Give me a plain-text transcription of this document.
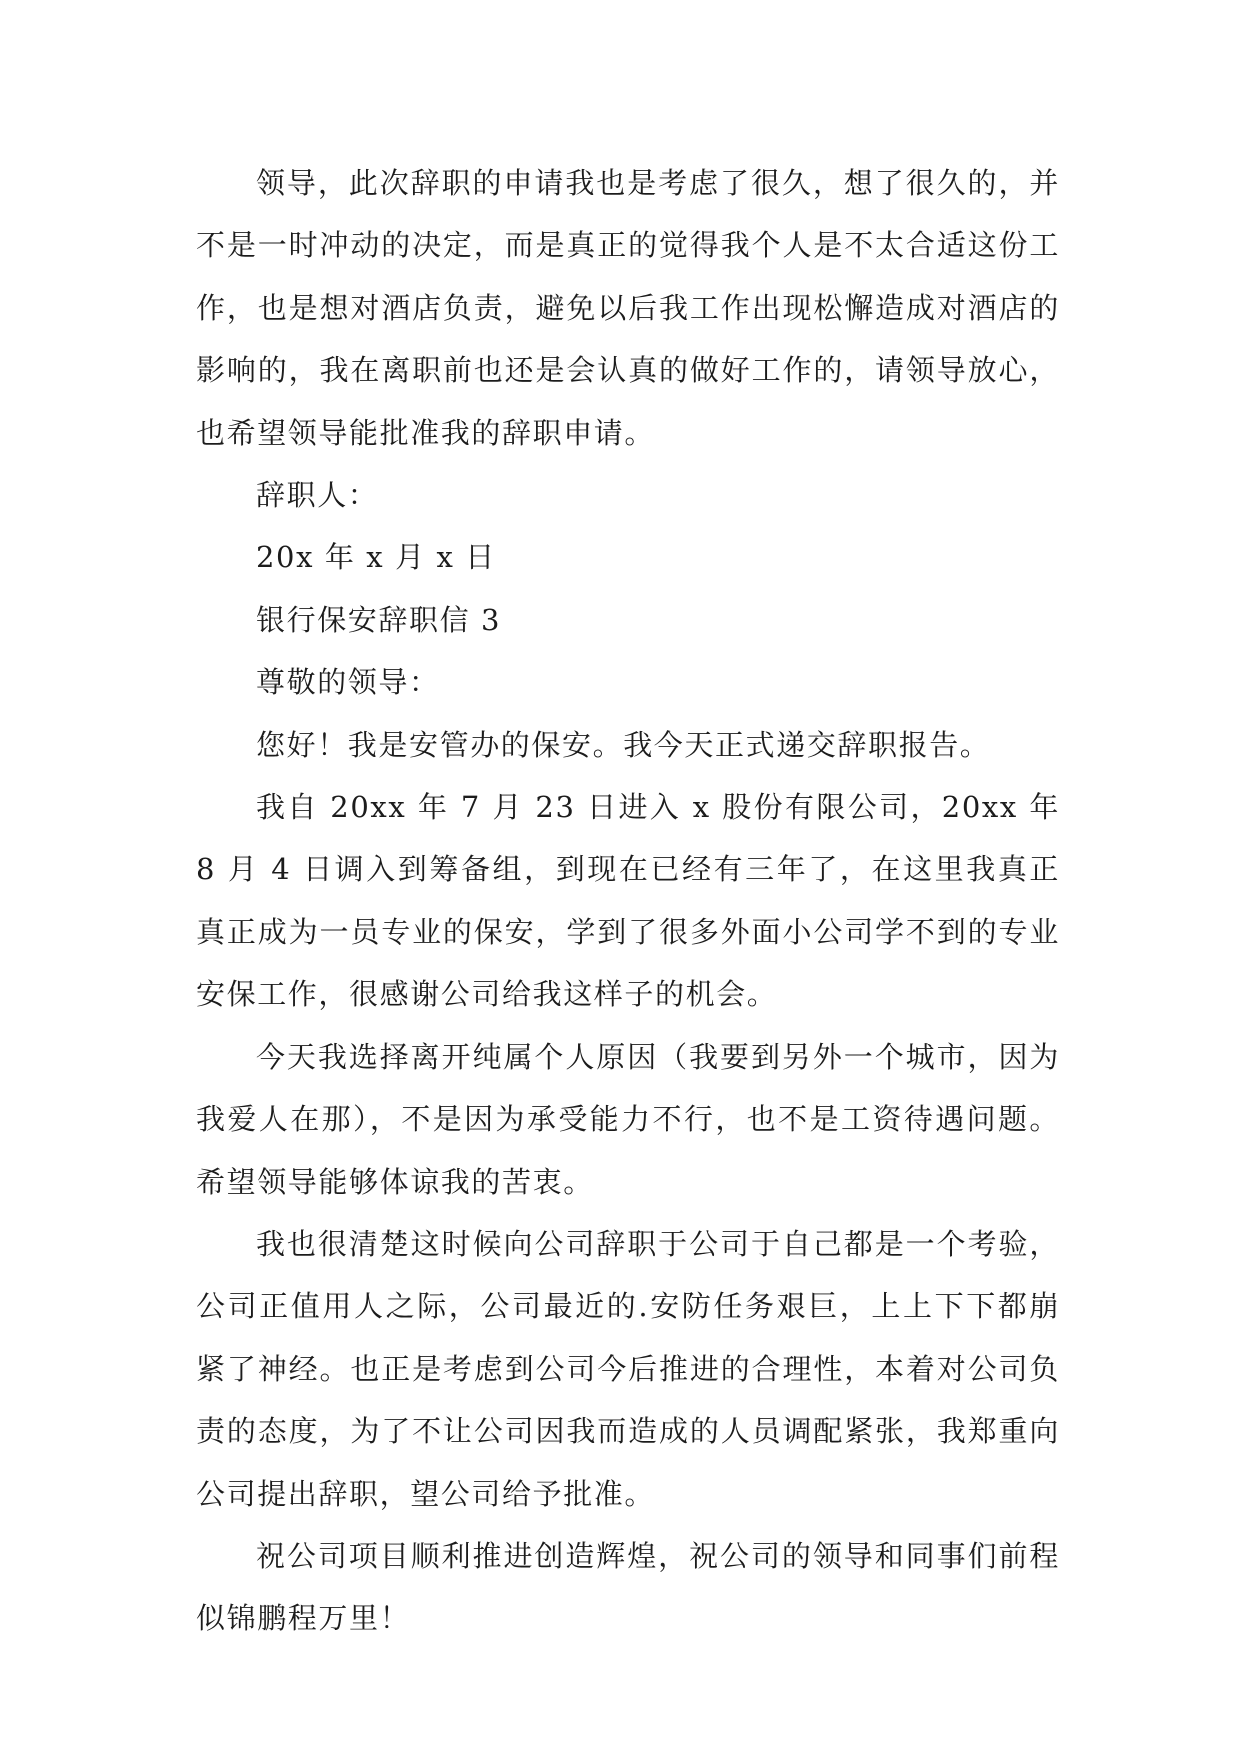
领导，此次辞职的申请我也是考虑了很久，想了很久的，并不是一时冲动的决定，而是真正的觉得我个人是不太合适这份工作，也是想对酒店负责，避免以后我工作出现松懈造成对酒店的影响的，我在离职前也还是会认真的做好工作的，请领导放心，也希望领导能批准我的辞职申请。

辞职人：

20x 年 x 月 x 日

银行保安辞职信 3

尊敬的领导：

您好！我是安管办的保安。我今天正式递交辞职报告。

我自 20xx 年 7 月 23 日进入 x 股份有限公司，20xx 年 8 月 4 日调入到筹备组，到现在已经有三年了，在这里我真正真正成为一员专业的保安，学到了很多外面小公司学不到的专业安保工作，很感谢公司给我这样子的机会。

今天我选择离开纯属个人原因（我要到另外一个城市，因为我爱人在那），不是因为承受能力不行，也不是工资待遇问题。希望领导能够体谅我的苦衷。

我也很清楚这时候向公司辞职于公司于自己都是一个考验，公司正值用人之际，公司最近的.安防任务艰巨，上上下下都崩紧了神经。也正是考虑到公司今后推进的合理性，本着对公司负责的态度，为了不让公司因我而造成的人员调配紧张，我郑重向公司提出辞职，望公司给予批准。

祝公司项目顺利推进创造辉煌，祝公司的领导和同事们前程似锦鹏程万里！
